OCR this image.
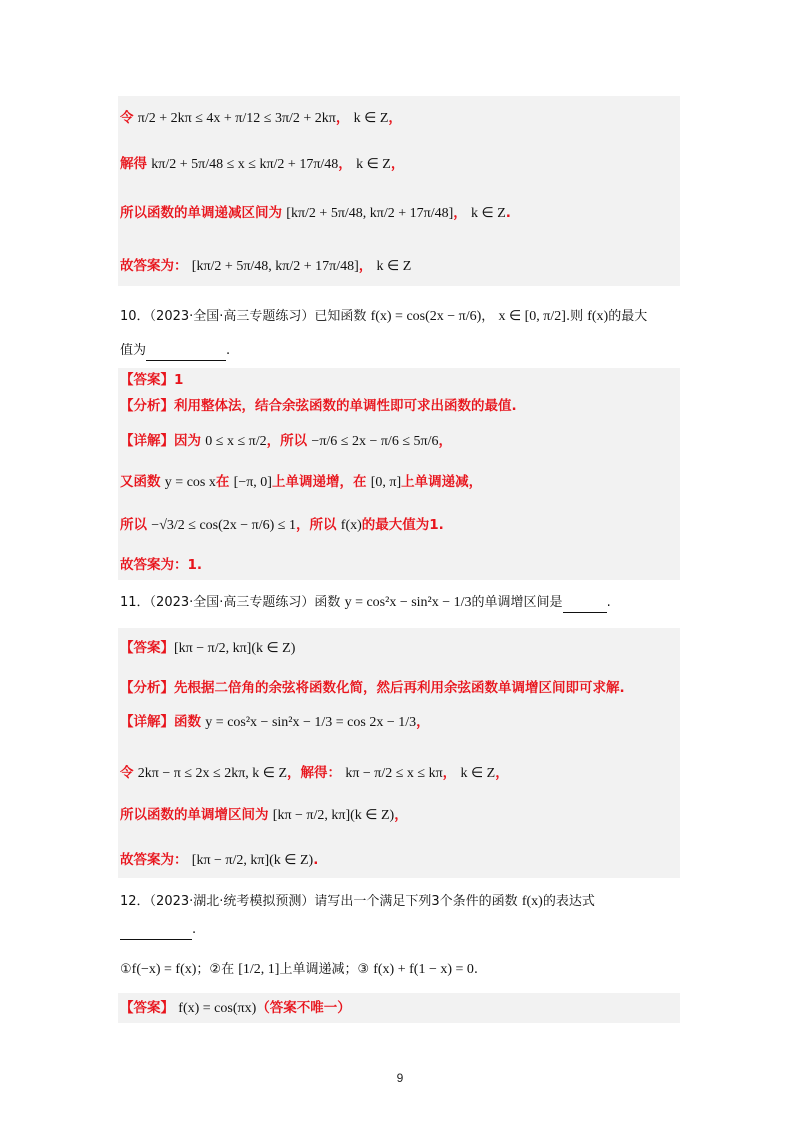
令 π/2 + 2kπ ≤ 4x + π/12 ≤ 3π/2 + 2kπ， k ∈ Z，
解得 kπ/2 + 5π/48 ≤ x ≤ kπ/2 + 17π/48， k ∈ Z，
所以函数的单调递减区间为 [kπ/2 + 5π/48, kπ/2 + 17π/48]， k ∈ Z.
故答案为： [kπ/2 + 5π/48, kπ/2 + 17π/48]， k ∈ Z
10．（2023·全国·高三专题练习）已知函数 f(x) = cos(2x − π/6)， x ∈ [0, π/2].则 f(x)的最大
值为	.
【答案】1
【分析】利用整体法，结合余弦函数的单调性即可求出函数的最值.
【详解】因为 0 ≤ x ≤ π/2，所以 −π/6 ≤ 2x − π/6 ≤ 5π/6，
又函数 y = cos x在 [−π, 0]上单调递增，在 [0, π]上单调递减，
所以 −√3/2 ≤ cos(2x − π/6) ≤ 1，所以 f(x)的最大值为1.
故答案为：1.
11．（2023·全国·高三专题练习）函数 y = cos²x − sin²x − 1/3的单调增区间是	.
【答案】[kπ − π/2, kπ](k ∈ Z)
【分析】先根据二倍角的余弦将函数化简，然后再利用余弦函数单调增区间即可求解.
【详解】函数 y = cos²x − sin²x − 1/3 = cos 2x − 1/3，
令 2kπ − π ≤ 2x ≤ 2kπ, k ∈ Z，解得： kπ − π/2 ≤ x ≤ kπ， k ∈ Z，
所以函数的单调增区间为 [kπ − π/2, kπ](k ∈ Z)，
故答案为： [kπ − π/2, kπ](k ∈ Z).
12．（2023·湖北·统考模拟预测）请写出一个满足下列3个条件的函数 f(x)的表达式
.
①f(−x) = f(x)；②在 [1/2, 1]上单调递减；③ f(x) + f(1 − x) = 0.
【答案】 f(x) = cos(πx)（答案不唯一）
9
